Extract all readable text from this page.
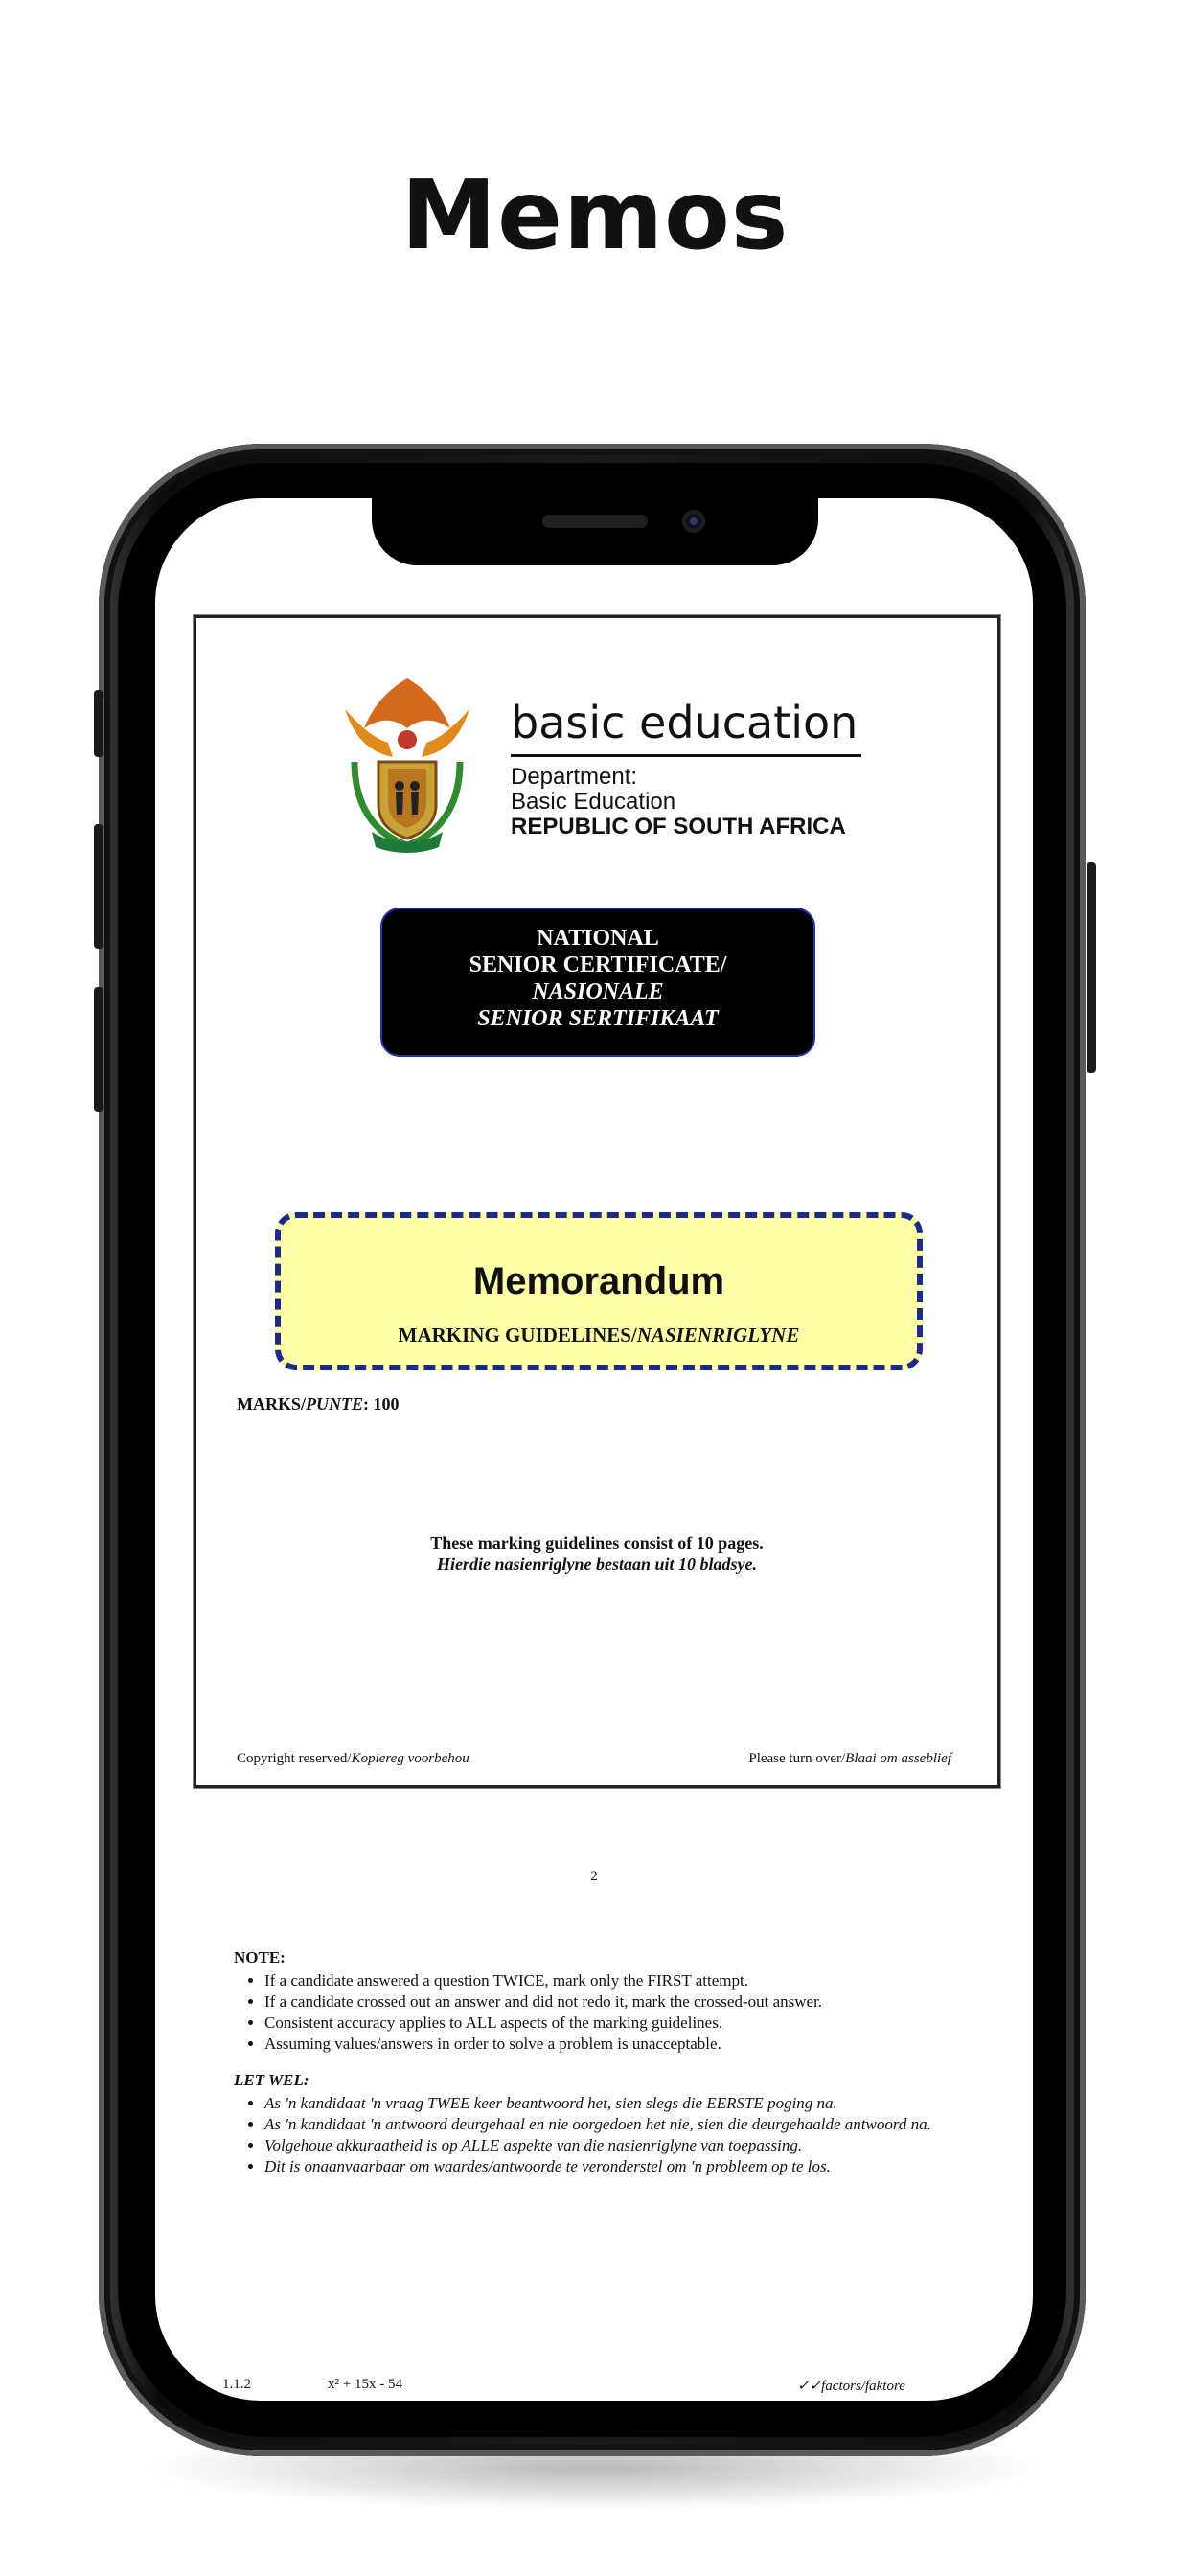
Memos
basic education
Department:
Basic Education
REPUBLIC OF SOUTH AFRICA
NATIONAL
SENIOR CERTIFICATE/
NASIONALE
SENIOR SERTIFIKAAT
Memorandum
MARKING GUIDELINES/NASIENRIGLYNE
MARKS/PUNTE: 100
These marking guidelines consist of 10 pages.
Hierdie nasienriglyne bestaan uit 10 bladsye.
Copyright reserved/Kopiereg voorbehou	Please turn over/Blaai om asseblief
2
NOTE:
• If a candidate answered a question TWICE, mark only the FIRST attempt.
• If a candidate crossed out an answer and did not redo it, mark the crossed-out answer.
• Consistent accuracy applies to ALL aspects of the marking guidelines.
• Assuming values/answers in order to solve a problem is unacceptable.
LET WEL:
• As 'n kandidaat 'n vraag TWEE keer beantwoord het, sien slegs die EERSTE poging na.
• As 'n kandidaat 'n antwoord deurgehaal en nie oorgedoen het nie, sien die deurgehaalde antwoord na.
• Volgehoue akkuraatheid is op ALLE aspekte van die nasienriglyne van toepassing.
• Dit is onaanvaarbaar om waardes/antwoorde te veronderstel om 'n probleem op te los.
1.1.2	x² + 15x - 54	✓✓factors/faktore
